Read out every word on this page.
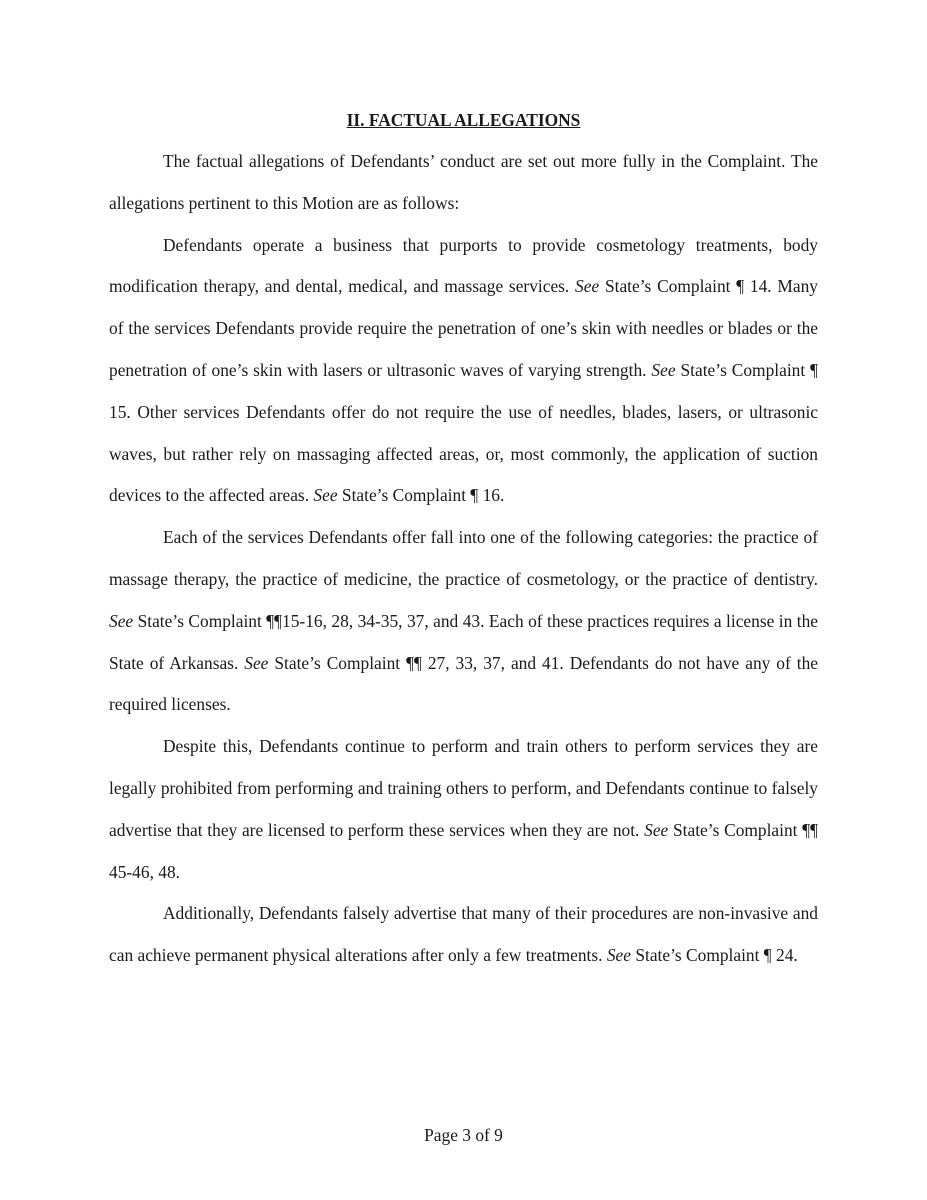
II. FACTUAL ALLEGATIONS

The factual allegations of Defendants’ conduct are set out more fully in the Complaint. The allegations pertinent to this Motion are as follows:

Defendants operate a business that purports to provide cosmetology treatments, body modification therapy, and dental, medical, and massage services. See State’s Complaint ¶ 14. Many of the services Defendants provide require the penetration of one’s skin with needles or blades or the penetration of one’s skin with lasers or ultrasonic waves of varying strength. See State’s Complaint ¶ 15. Other services Defendants offer do not require the use of needles, blades, lasers, or ultrasonic waves, but rather rely on massaging affected areas, or, most commonly, the application of suction devices to the affected areas. See State’s Complaint ¶ 16.

Each of the services Defendants offer fall into one of the following categories: the practice of massage therapy, the practice of medicine, the practice of cosmetology, or the practice of dentistry. See State’s Complaint ¶¶15-16, 28, 34-35, 37, and 43. Each of these practices requires a license in the State of Arkansas. See State’s Complaint ¶¶ 27, 33, 37, and 41. Defendants do not have any of the required licenses.

Despite this, Defendants continue to perform and train others to perform services they are legally prohibited from performing and training others to perform, and Defendants continue to falsely advertise that they are licensed to perform these services when they are not. See State’s Complaint ¶¶ 45-46, 48.

Additionally, Defendants falsely advertise that many of their procedures are non-invasive and can achieve permanent physical alterations after only a few treatments. See State’s Complaint ¶ 24.

Page 3 of 9
